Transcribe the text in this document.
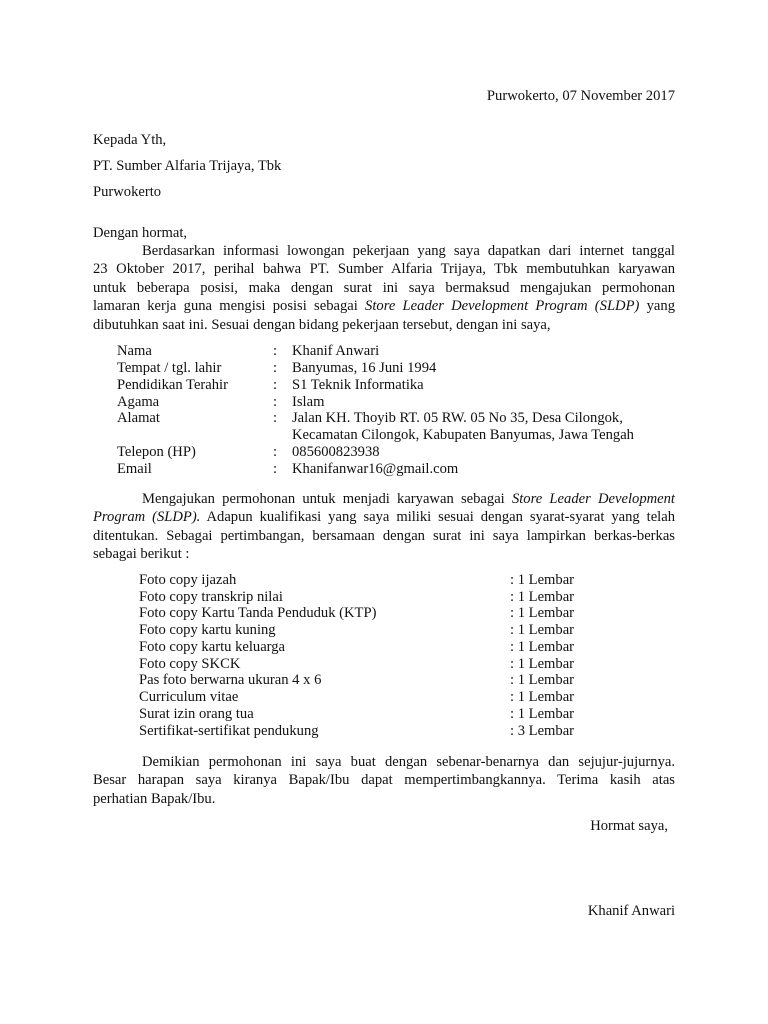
Purwokerto, 07 November 2017
Kepada Yth,
PT. Sumber Alfaria Trijaya, Tbk
Purwokerto
Dengan hormat,
Berdasarkan informasi lowongan pekerjaan yang saya dapatkan dari internet tanggal
23 Oktober 2017, perihal bahwa PT. Sumber Alfaria Trijaya, Tbk membutuhkan karyawan
untuk beberapa posisi, maka dengan surat ini saya bermaksud mengajukan permohonan
lamaran kerja guna mengisi posisi sebagai Store Leader Development Program (SLDP) yang
dibutuhkan saat ini. Sesuai dengan bidang pekerjaan tersebut, dengan ini saya,
Nama	: Khanif Anwari
Tempat / tgl. lahir	: Banyumas, 16 Juni 1994
Pendidikan Terahir	: S1 Teknik Informatika
Agama	: Islam
Alamat	: Jalan KH. Thoyib RT. 05 RW. 05 No 35, Desa Cilongok,
Kecamatan Cilongok, Kabupaten Banyumas, Jawa Tengah
Telepon (HP)	: 085600823938
Email	: Khanifanwar16@gmail.com
Mengajukan permohonan untuk menjadi karyawan sebagai Store Leader Development
Program (SLDP). Adapun kualifikasi yang saya miliki sesuai dengan syarat-syarat yang telah
ditentukan. Sebagai pertimbangan, bersamaan dengan surat ini saya lampirkan berkas-berkas
sebagai berikut :
Foto copy ijazah	: 1 Lembar
Foto copy transkrip nilai	: 1 Lembar
Foto copy Kartu Tanda Penduduk (KTP)	: 1 Lembar
Foto copy kartu kuning	: 1 Lembar
Foto copy kartu keluarga	: 1 Lembar
Foto copy SKCK	: 1 Lembar
Pas foto berwarna ukuran 4 x 6	: 1 Lembar
Curriculum vitae	: 1 Lembar
Surat izin orang tua	: 1 Lembar
Sertifikat-sertifikat pendukung	: 3 Lembar
Demikian permohonan ini saya buat dengan sebenar-benarnya dan sejujur-jujurnya.
Besar harapan saya kiranya Bapak/Ibu dapat mempertimbangkannya. Terima kasih atas
perhatian Bapak/Ibu.
Hormat saya,
Khanif Anwari
